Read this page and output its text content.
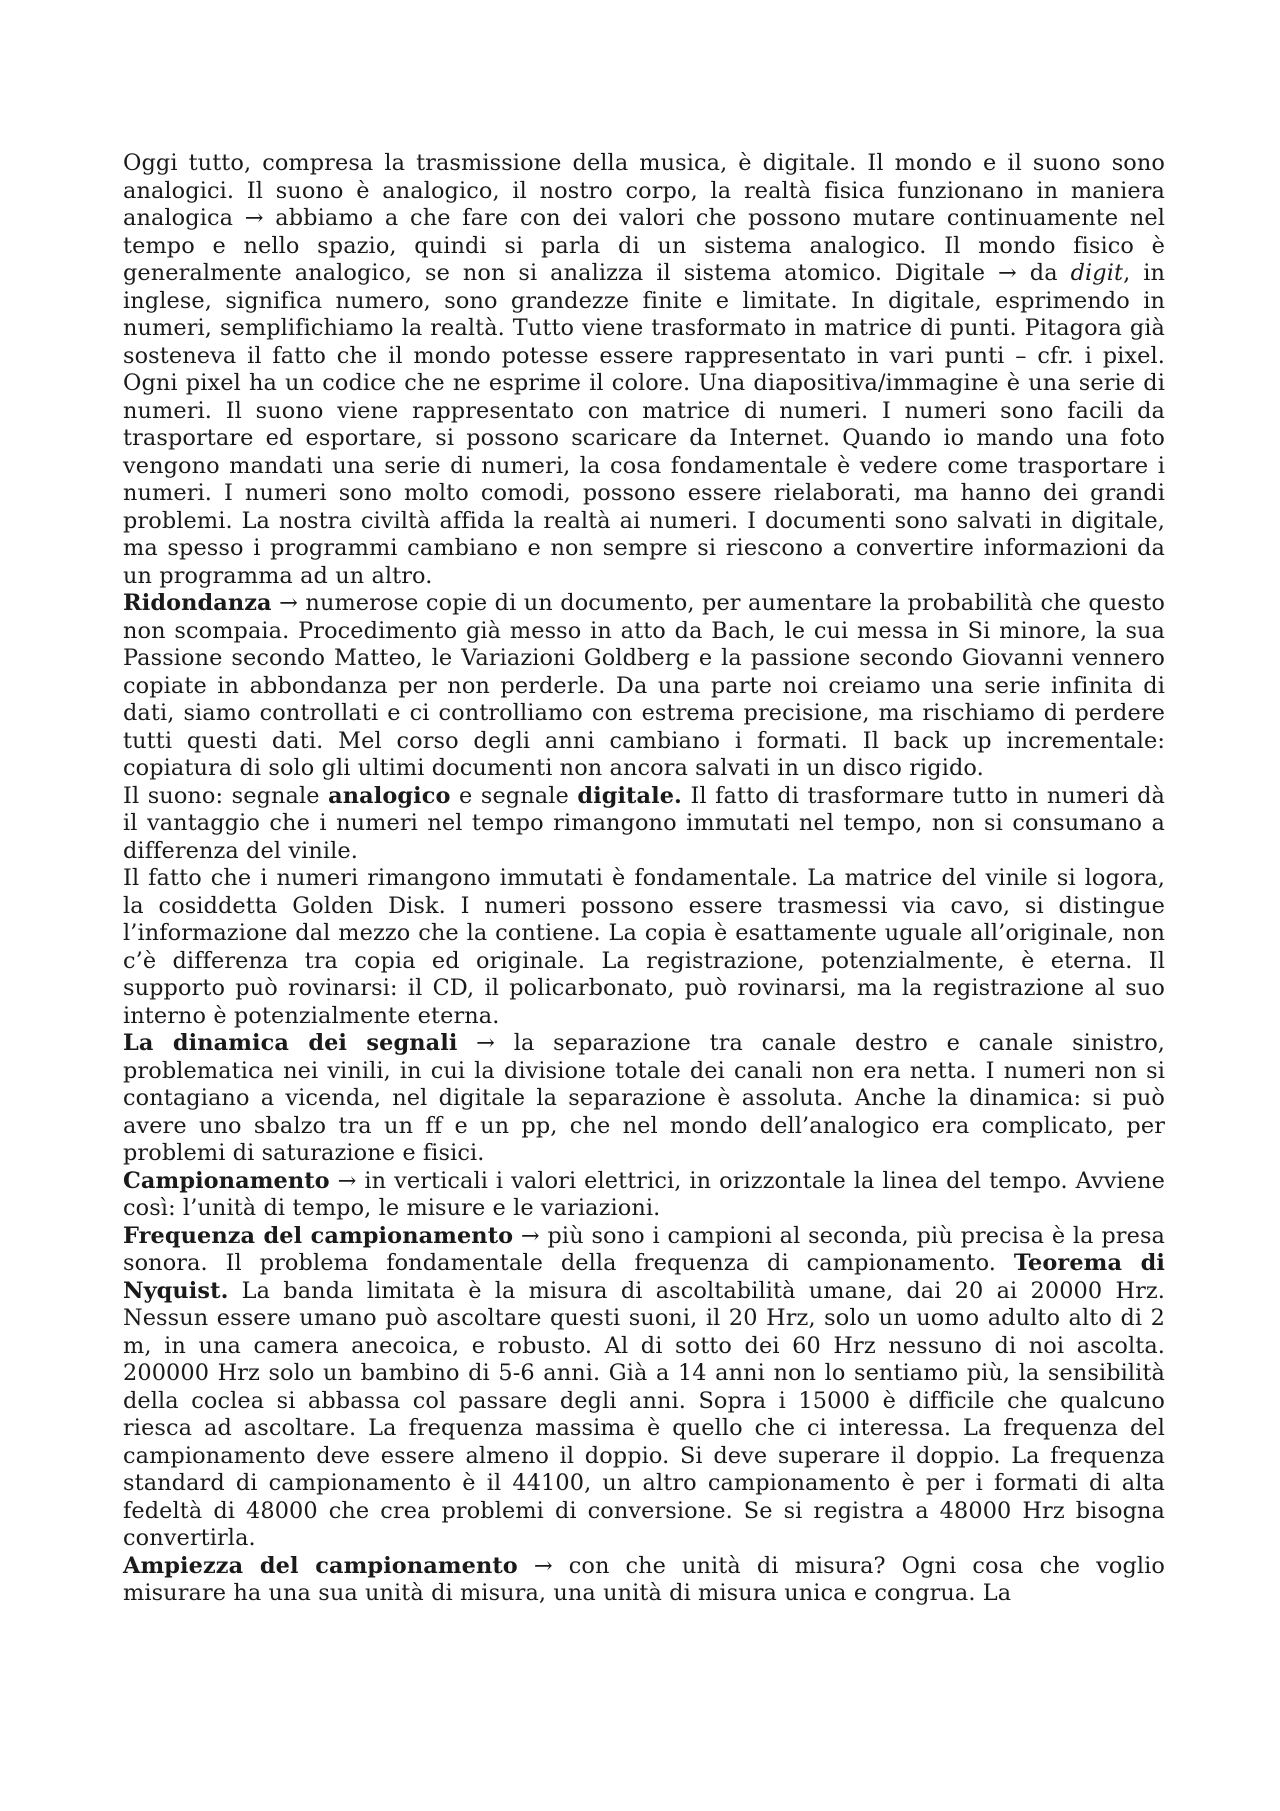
Oggi tutto, compresa la trasmissione della musica, è digitale. Il mondo e il suono sono analogici. Il suono è analogico, il nostro corpo, la realtà fisica funzionano in maniera analogica → abbiamo a che fare con dei valori che possono mutare continuamente nel tempo e nello spazio, quindi si parla di un sistema analogico. Il mondo fisico è generalmente analogico, se non si analizza il sistema atomico. Digitale → da digit, in inglese, significa numero, sono grandezze finite e limitate. In digitale, esprimendo in numeri, semplifichiamo la realtà. Tutto viene trasformato in matrice di punti. Pitagora già sosteneva il fatto che il mondo potesse essere rappresentato in vari punti – cfr. i pixel. Ogni pixel ha un codice che ne esprime il colore. Una diapositiva/immagine è una serie di numeri. Il suono viene rappresentato con matrice di numeri. I numeri sono facili da trasportare ed esportare, si possono scaricare da Internet. Quando io mando una foto vengono mandati una serie di numeri, la cosa fondamentale è vedere come trasportare i numeri. I numeri sono molto comodi, possono essere rielaborati, ma hanno dei grandi problemi. La nostra civiltà affida la realtà ai numeri. I documenti sono salvati in digitale, ma spesso i programmi cambiano e non sempre si riescono a convertire informazioni da un programma ad un altro.

Ridondanza → numerose copie di un documento, per aumentare la probabilità che questo non scompaia. Procedimento già messo in atto da Bach, le cui messa in Si minore, la sua Passione secondo Matteo, le Variazioni Goldberg e la passione secondo Giovanni vennero copiate in abbondanza per non perderle. Da una parte noi creiamo una serie infinita di dati, siamo controllati e ci controlliamo con estrema precisione, ma rischiamo di perdere tutti questi dati. Mel corso degli anni cambiano i formati. Il back up incrementale: copiatura di solo gli ultimi documenti non ancora salvati in un disco rigido.

Il suono: segnale analogico e segnale digitale. Il fatto di trasformare tutto in numeri dà il vantaggio che i numeri nel tempo rimangono immutati nel tempo, non si consumano a differenza del vinile.

Il fatto che i numeri rimangono immutati è fondamentale. La matrice del vinile si logora, la cosiddetta Golden Disk. I numeri possono essere trasmessi via cavo, si distingue l’informazione dal mezzo che la contiene. La copia è esattamente uguale all’originale, non c’è differenza tra copia ed originale. La registrazione, potenzialmente, è eterna. Il supporto può rovinarsi: il CD, il policarbonato, può rovinarsi, ma la registrazione al suo interno è potenzialmente eterna.

La dinamica dei segnali → la separazione tra canale destro e canale sinistro, problematica nei vinili, in cui la divisione totale dei canali non era netta. I numeri non si contagiano a vicenda, nel digitale la separazione è assoluta. Anche la dinamica: si può avere uno sbalzo tra un ff e un pp, che nel mondo dell’analogico era complicato, per problemi di saturazione e fisici.

Campionamento → in verticali i valori elettrici, in orizzontale la linea del tempo. Avviene così: l’unità di tempo, le misure e le variazioni.

Frequenza del campionamento → più sono i campioni al seconda, più precisa è la presa sonora. Il problema fondamentale della frequenza di campionamento. Teorema di Nyquist. La banda limitata è la misura di ascoltabilità umane, dai 20 ai 20000 Hrz. Nessun essere umano può ascoltare questi suoni, il 20 Hrz, solo un uomo adulto alto di 2 m, in una camera anecoica, e robusto. Al di sotto dei 60 Hrz nessuno di noi ascolta. 200000 Hrz solo un bambino di 5-6 anni. Già a 14 anni non lo sentiamo più, la sensibilità della coclea si abbassa col passare degli anni. Sopra i 15000 è difficile che qualcuno riesca ad ascoltare. La frequenza massima è quello che ci interessa. La frequenza del campionamento deve essere almeno il doppio. Si deve superare il doppio. La frequenza standard di campionamento è il 44100, un altro campionamento è per i formati di alta fedeltà di 48000 che crea problemi di conversione. Se si registra a 48000 Hrz bisogna convertirla.

Ampiezza del campionamento → con che unità di misura? Ogni cosa che voglio misurare ha una sua unità di misura, una unità di misura unica e congrua. La
